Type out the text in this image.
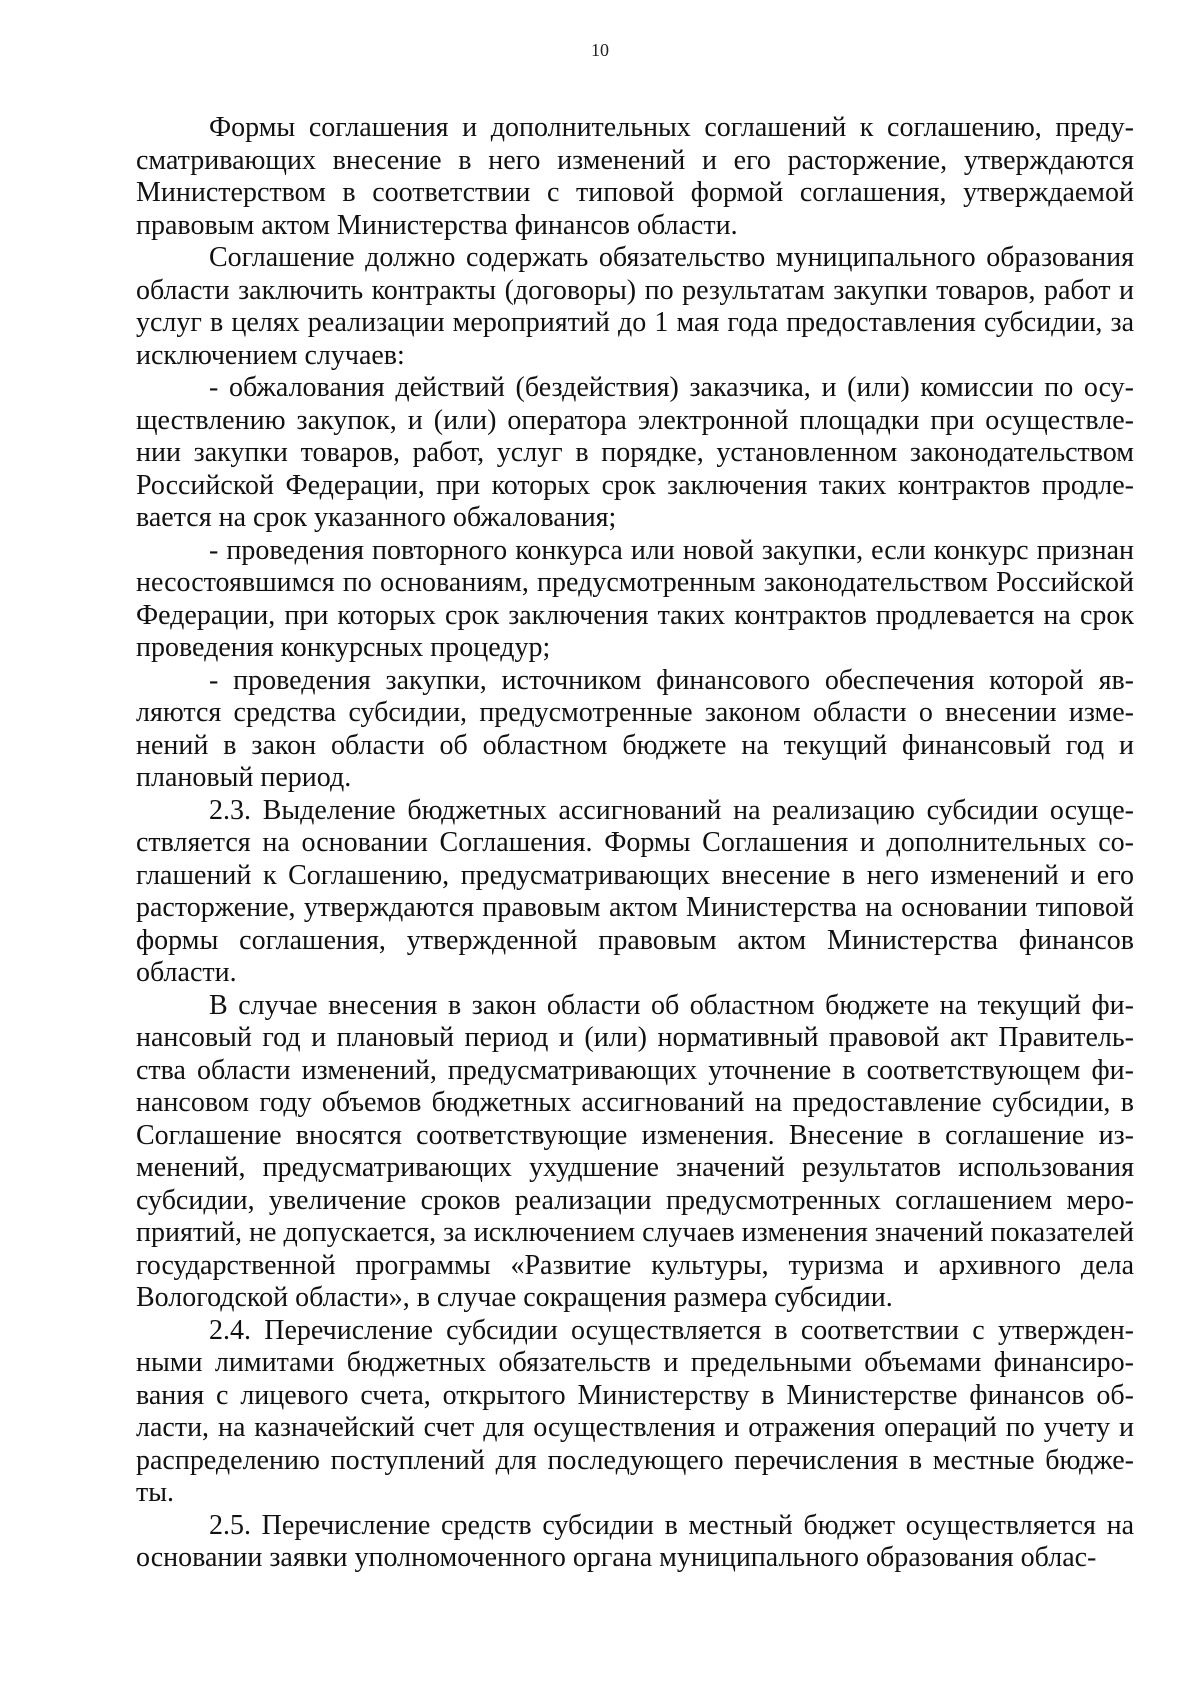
10

Формы соглашения и дополнительных соглашений к соглашению, предусматривающих внесение в него изменений и его расторжение, утверждаются Министерством в соответствии с типовой формой соглашения, утверждаемой правовым актом Министерства финансов области.

Соглашение должно содержать обязательство муниципального образования области заключить контракты (договоры) по результатам закупки товаров, работ и услуг в целях реализации мероприятий до 1 мая года предоставления субсидии, за исключением случаев:

- обжалования действий (бездействия) заказчика, и (или) комиссии по осуществлению закупок, и (или) оператора электронной площадки при осуществлении закупки товаров, работ, услуг в порядке, установленном законодательством Российской Федерации, при которых срок заключения таких контрактов продлевается на срок указанного обжалования;

- проведения повторного конкурса или новой закупки, если конкурс признан несостоявшимся по основаниям, предусмотренным законодательством Российской Федерации, при которых срок заключения таких контрактов продлевается на срок проведения конкурсных процедур;

- проведения закупки, источником финансового обеспечения которой являются средства субсидии, предусмотренные законом области о внесении изменений в закон области об областном бюджете на текущий финансовый год и плановый период.

2.3. Выделение бюджетных ассигнований на реализацию субсидии осуществляется на основании Соглашения. Формы Соглашения и дополнительных соглашений к Соглашению, предусматривающих внесение в него изменений и его расторжение, утверждаются правовым актом Министерства на основании типовой формы соглашения, утвержденной правовым актом Министерства финансов области.

В случае внесения в закон области об областном бюджете на текущий финансовый год и плановый период и (или) нормативный правовой акт Правительства области изменений, предусматривающих уточнение в соответствующем финансовом году объемов бюджетных ассигнований на предоставление субсидии, в Соглашение вносятся соответствующие изменения. Внесение в соглашение изменений, предусматривающих ухудшение значений результатов использования субсидии, увеличение сроков реализации предусмотренных соглашением мероприятий, не допускается, за исключением случаев изменения значений показателей государственной программы «Развитие культуры, туризма и архивного дела Вологодской области», в случае сокращения размера субсидии.

2.4. Перечисление субсидии осуществляется в соответствии с утвержденными лимитами бюджетных обязательств и предельными объемами финансирования с лицевого счета, открытого Министерству в Министерстве финансов области, на казначейский счет для осуществления и отражения операций по учету и распределению поступлений для последующего перечисления в местные бюджеты.

2.5. Перечисление средств субсидии в местный бюджет осуществляется на основании заявки уполномоченного органа муниципального образования облас-
